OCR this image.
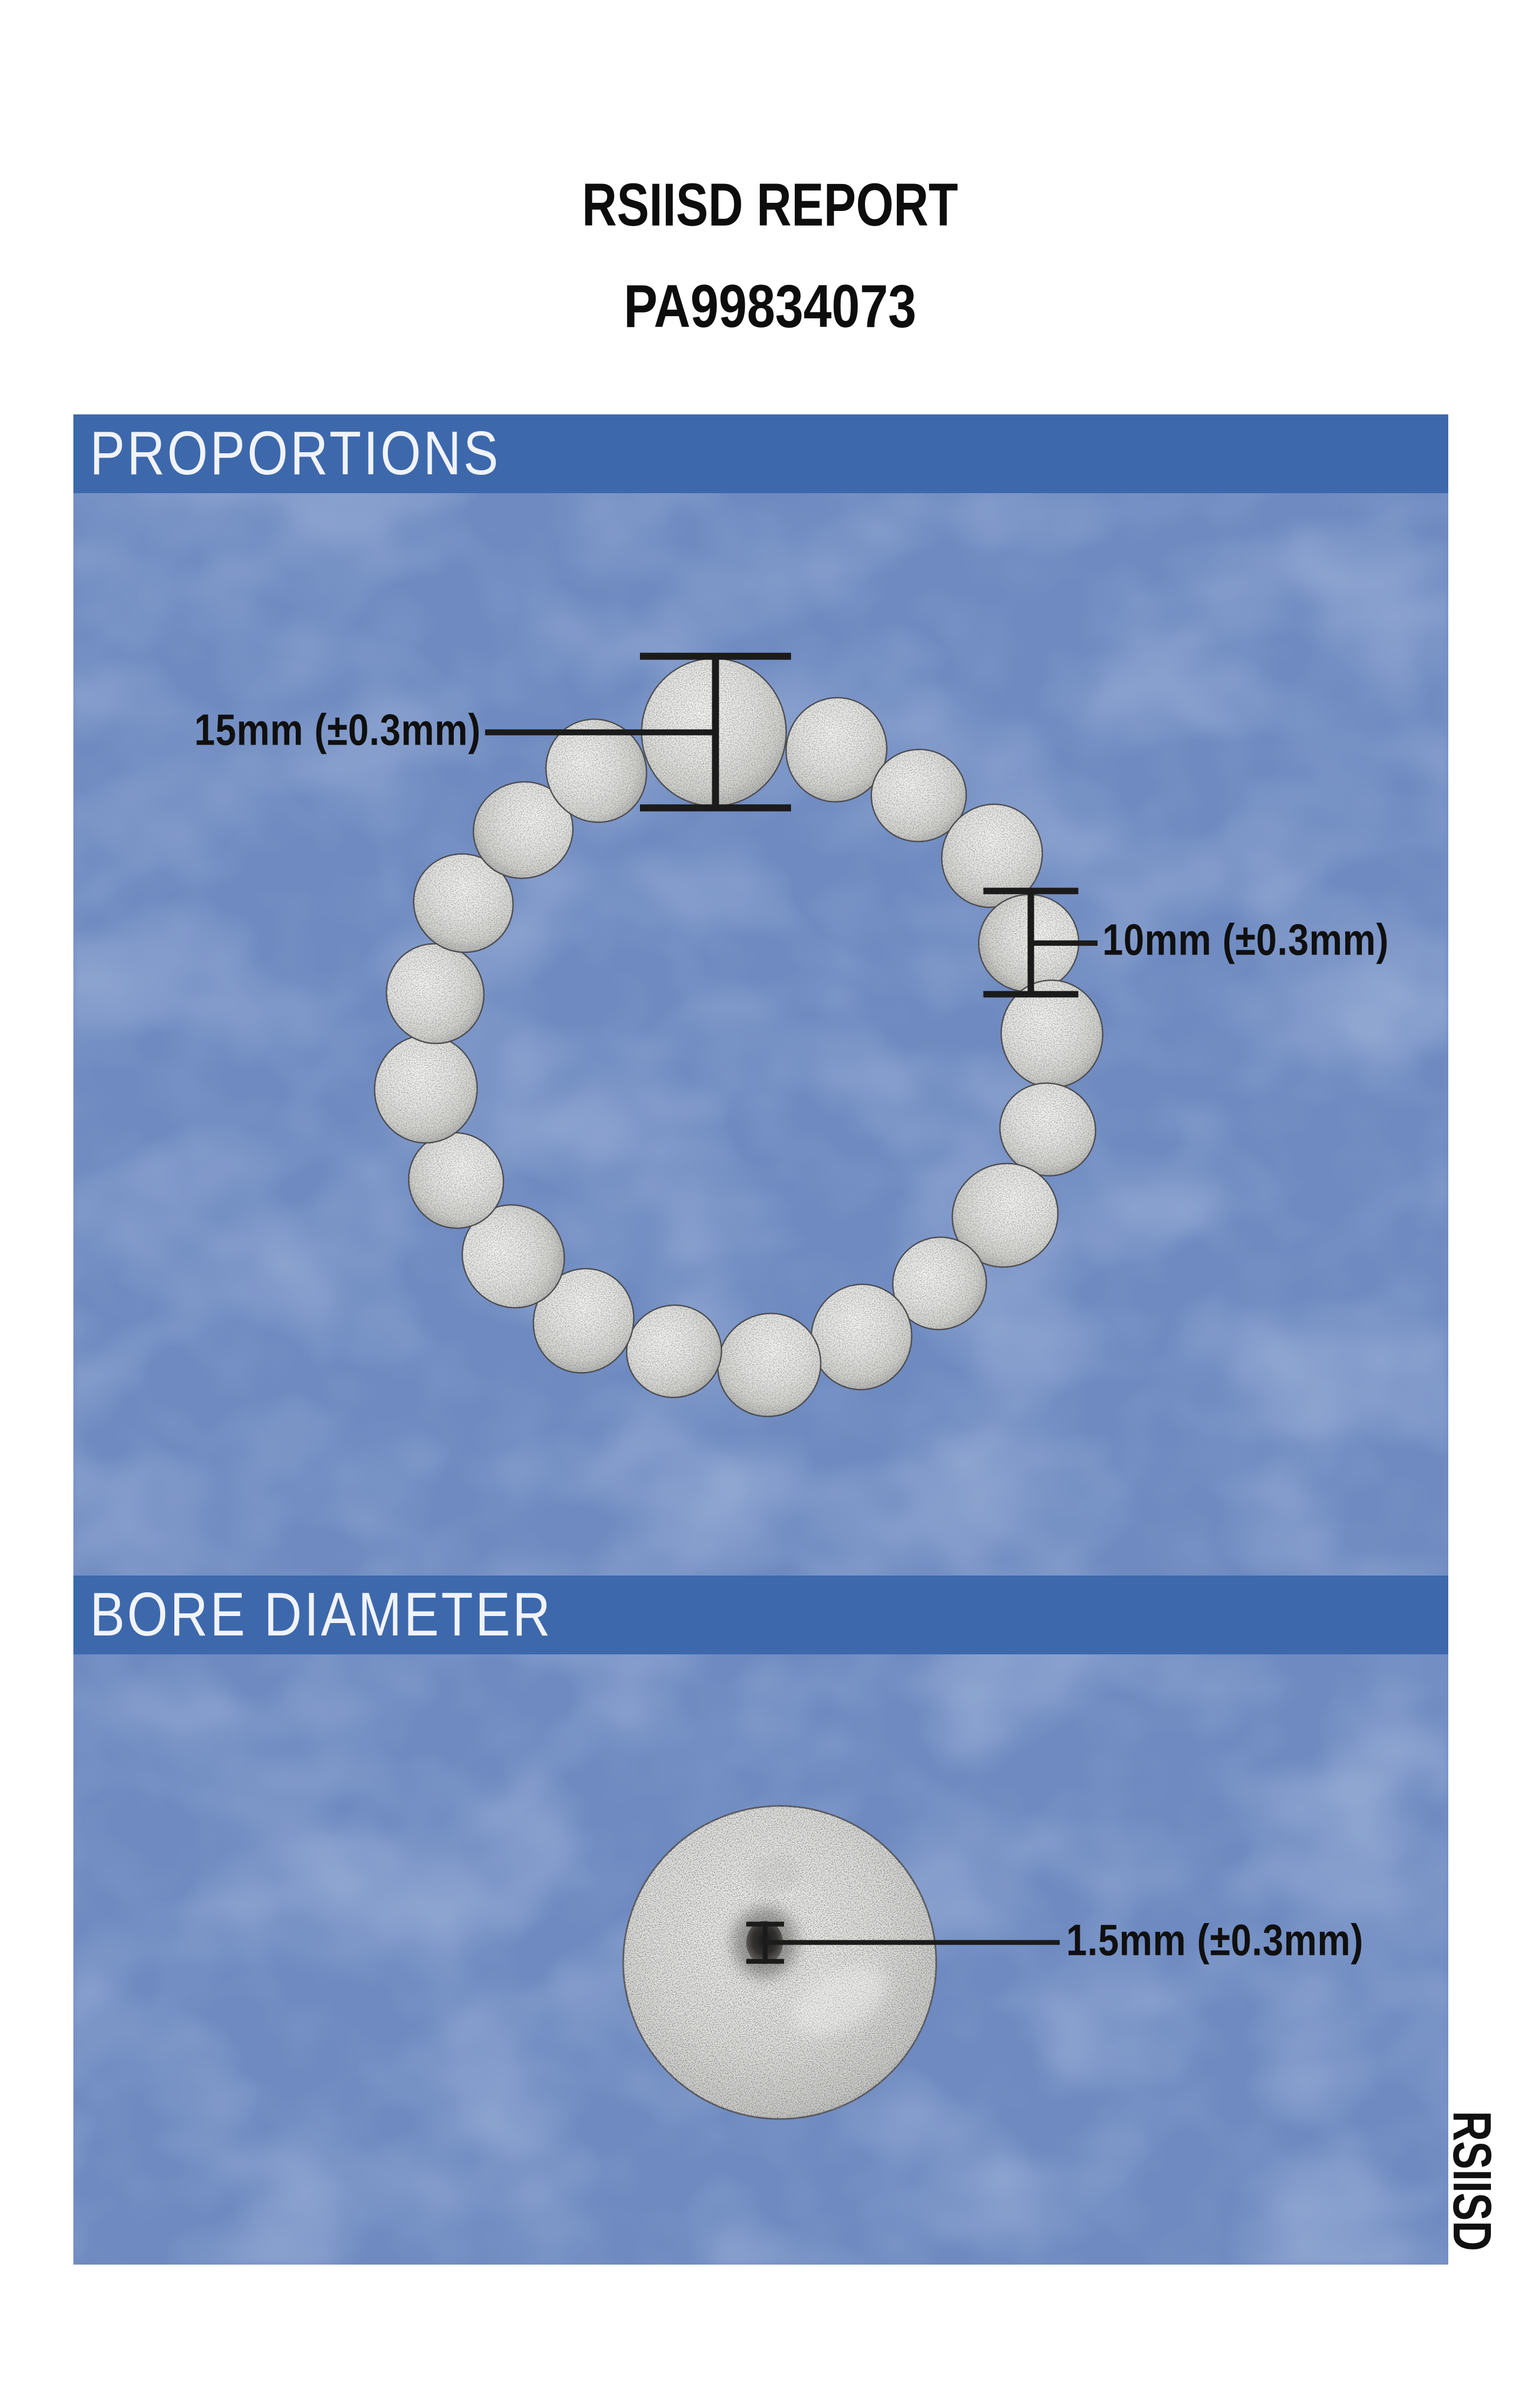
RSIISD REPORT
PA99834073
PROPORTIONS
BORE DIAMETER
15mm (±0.3mm)
10mm (±0.3mm)
1.5mm (±0.3mm)
RSIISD
